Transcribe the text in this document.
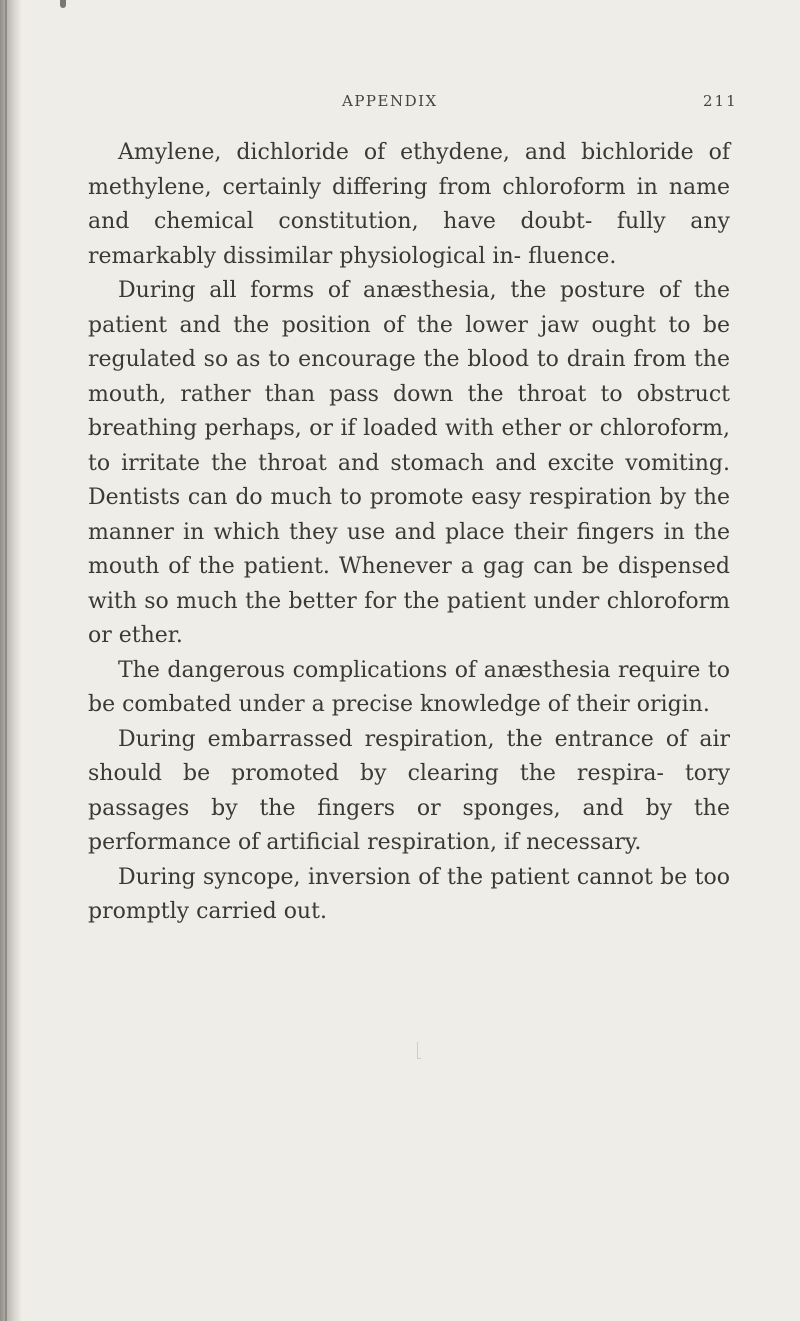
APPENDIX	211

Amylene, dichloride of ethydene, and bichloride of methylene, certainly differing from chloroform in name and chemical constitution, have doubt- fully any remarkably dissimilar physiological in- fluence.

During all forms of anæsthesia, the posture of the patient and the position of the lower jaw ought to be regulated so as to encourage the blood to drain from the mouth, rather than pass down the throat to obstruct breathing perhaps, or if loaded with ether or chloroform, to irritate the throat and stomach and excite vomiting. Dentists can do much to promote easy respiration by the manner in which they use and place their fingers in the mouth of the patient. Whenever a gag can be dispensed with so much the better for the patient under chloroform or ether.

The dangerous complications of anæsthesia require to be combated under a precise knowledge of their origin.

During embarrassed respiration, the entrance of air should be promoted by clearing the respira- tory passages by the fingers or sponges, and by the performance of artificial respiration, if necessary.

During syncope, inversion of the patient cannot be too promptly carried out.
